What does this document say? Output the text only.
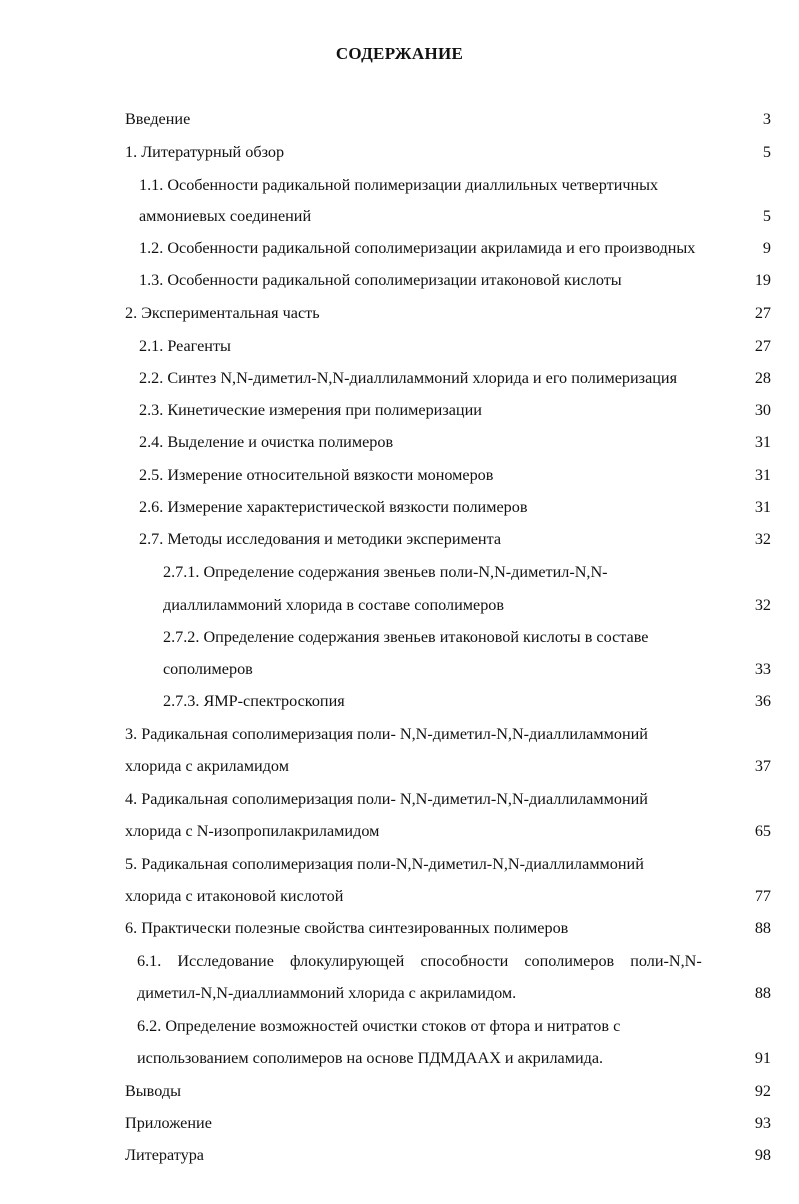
СОДЕРЖАНИЕ
Введение	3
1. Литературный обзор	5
1.1. Особенности радикальной полимеризации диаллильных четвертичных
аммониевых соединений	5
1.2. Особенности радикальной сополимеризации акриламида и его производных	9
1.3. Особенности радикальной сополимеризации итаконовой кислоты	19
2. Экспериментальная часть	27
2.1. Реагенты	27
2.2. Синтез N,N-диметил-N,N-диаллиламмоний хлорида и его полимеризация	28
2.3. Кинетические измерения при полимеризации	30
2.4. Выделение и очистка полимеров	31
2.5. Измерение относительной вязкости мономеров	31
2.6. Измерение характеристической вязкости полимеров	31
2.7. Методы исследования и методики эксперимента	32
2.7.1. Определение содержания звеньев поли-N,N-диметил-N,N-
диаллиламмоний хлорида в составе сополимеров	32
2.7.2. Определение содержания звеньев итаконовой кислоты в составе
сополимеров	33
2.7.3. ЯМР-спектроскопия	36
3. Радикальная сополимеризация поли- N,N-диметил-N,N-диаллиламмоний
хлорида с акриламидом	37
4. Радикальная сополимеризация поли- N,N-диметил-N,N-диаллиламмоний
хлорида с N-изопропилакриламидом	65
5. Радикальная сополимеризация поли-N,N-диметил-N,N-диаллиламмоний
хлорида с итаконовой кислотой	77
6. Практически полезные свойства синтезированных полимеров	88
6.1. Исследование флокулирующей способности сополимеров поли-N,N-
диметил-N,N-диаллиаммоний хлорида с акриламидом.	88
6.2. Определение возможностей очистки стоков от фтора и нитратов с
использованием сополимеров на основе ПДМДААХ и акриламида.	91
Выводы	92
Приложение	93
Литература	98
